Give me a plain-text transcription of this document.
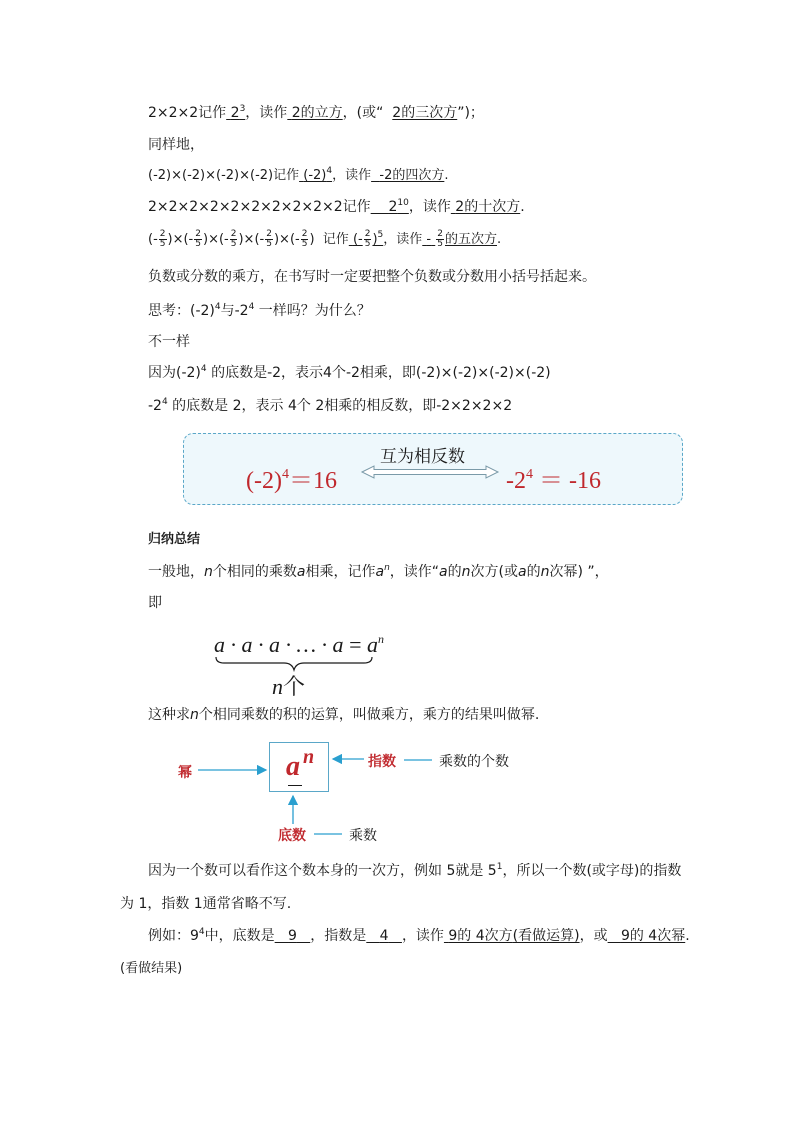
2×2×2记作 $2^3$，读作 2的立方，(或“ 2的三次方”)；
同样地，
(-2)×(-2)×(-2)×(-2)记作 $(-2)^4$，读作 -2的四次方.
2×2×2×2×2×2×2×2×2×2记作 $2^{10}$，读作 2的十次方.
(- $\frac{2}{5}$ )×(- $\frac{2}{5}$ )×(- $\frac{2}{5}$ )×(- $\frac{2}{5}$ )×(- $\frac{2}{5}$ ) 记作 (- $\frac{2}{5} )^5$，读作 - $\frac{2}{5}$ 的五次方.
负数或分数的乘方，在书写时一定要把整个负数或分数用小括号括起来。
思考：$(-2)^4$与$-2^4$ 一样吗？为什么？
不一样
因为$(-2)^4$ 的底数是-2，表示4个-2相乘，即(-2)×(-2)×(-2)×(-2)
$-2^4$ 的底数是 2，表示 4个 2相乘的相反数，即-2×2×2×2
$(-2)^4=16$
互为相反数
$-2^4 = -16$
归纳总结
一般地，n个相同的乘数a相乘，记作$a^n$，读作“a的n次方(或a的n次幂) ”，
即
a · a · a · … · $a = a^n$
n个
这种求n个相同乘数的积的运算，叫做乘方，乘方的结果叫做幂.
a n
幂
指数	乘数的个数
底数	乘数
因为一个数可以看作这个数本身的一次方，例如 5就是 $5^1$，所以一个数(或字母)的指数
为 1，指数 1通常省略不写.
例如：$9^4$中，底数是 9 ，指数是 4 ，读作 9的 4次方(看做运算)，或 9的 4次幂.
(看做结果)
